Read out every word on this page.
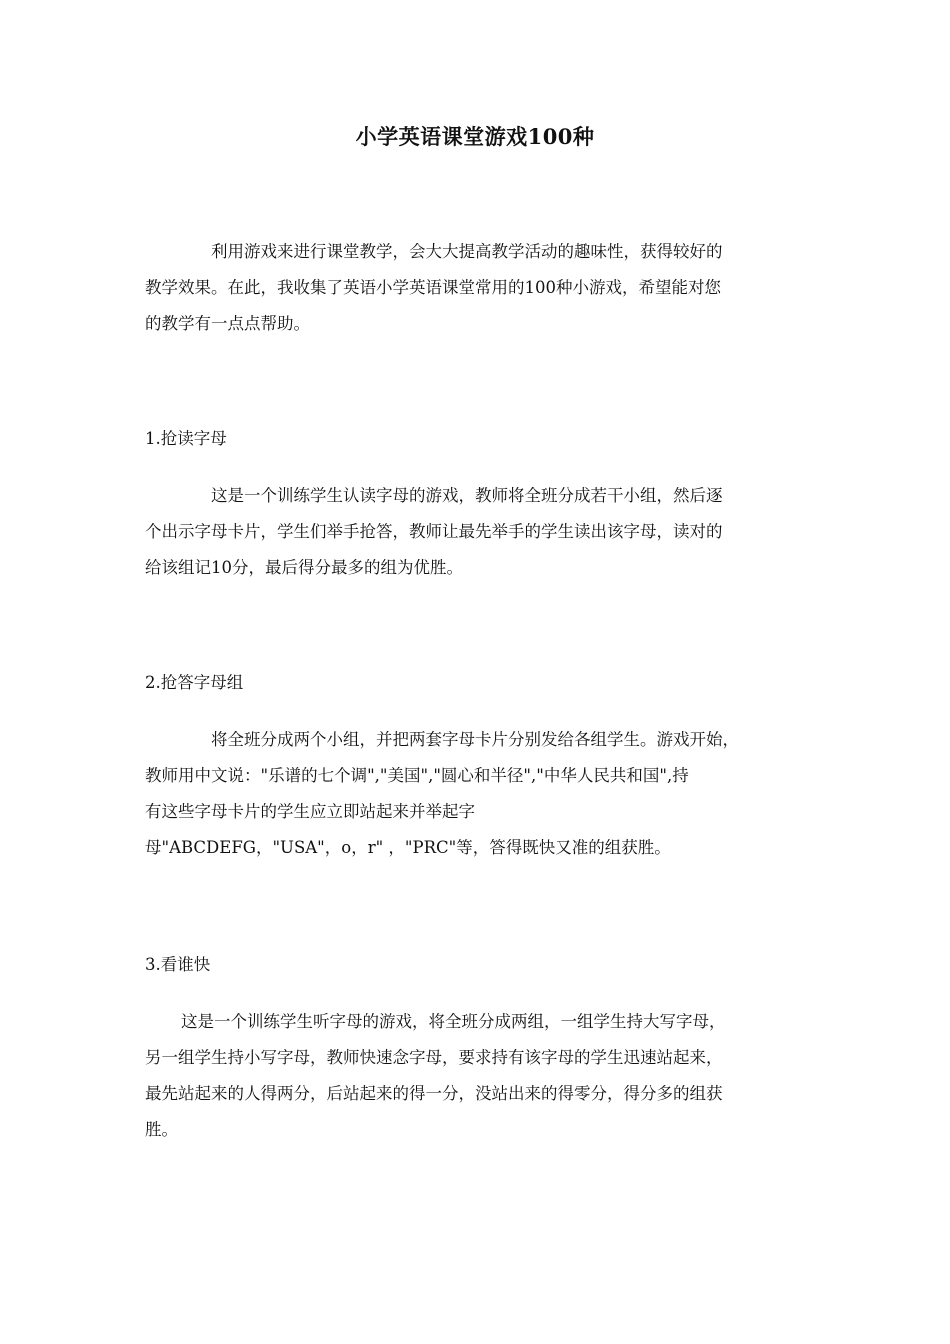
小学英语课堂游戏100种
利用游戏来进行课堂教学，会大大提高教学活动的趣味性，获得较好的
教学效果。在此，我收集了英语小学英语课堂常用的100种小游戏，希望能对您
的教学有一点点帮助。
1.抢读字母
这是一个训练学生认读字母的游戏，教师将全班分成若干小组，然后逐
个出示字母卡片，学生们举手抢答，教师让最先举手的学生读出该字母，读对的
给该组记10分，最后得分最多的组为优胜。
2.抢答字母组
将全班分成两个小组，并把两套字母卡片分别发给各组学生。游戏开始，
教师用中文说："乐谱的七个调","美国","圆心和半径","中华人民共和国",持
有这些字母卡片的学生应立即站起来并举起字
母"ABCDEFG，"USA"，o，r" ，"PRC"等，答得既快又准的组获胜。
3.看谁快
这是一个训练学生听字母的游戏，将全班分成两组，一组学生持大写字母，
另一组学生持小写字母，教师快速念字母，要求持有该字母的学生迅速站起来，
最先站起来的人得两分，后站起来的得一分，没站出来的得零分，得分多的组获
胜。
